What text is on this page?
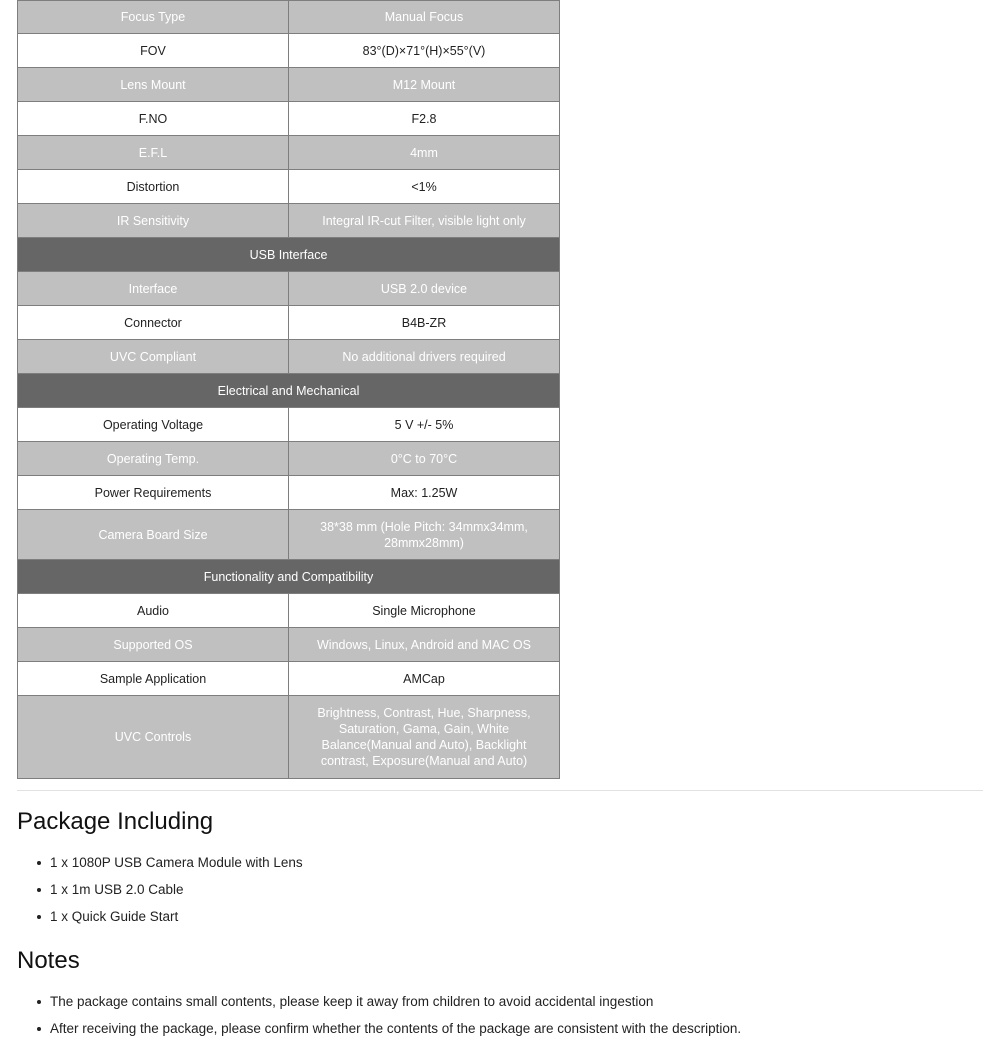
Focus Type	Manual Focus
FOV	83°(D)×71°(H)×55°(V)
Lens Mount	M12 Mount
F.NO	F2.8
E.F.L	4mm
Distortion	<1%
IR Sensitivity	Integral IR-cut Filter, visible light only
USB Interface	
Interface	USB 2.0 device
Connector	B4B-ZR
UVC Compliant	No additional drivers required
Electrical and Mechanical	
Operating Voltage	5 V +/- 5%
Operating Temp.	0°C to 70°C
Power Requirements	Max: 1.25W
Camera Board Size	38*38 mm (Hole Pitch: 34mmx34mm, 28mmx28mm)
Functionality and Compatibility	
Audio	Single Microphone
Supported OS	Windows, Linux, Android and MAC OS
Sample Application	AMCap
UVC Controls	Brightness, Contrast, Hue, Sharpness, Saturation, Gama, Gain, White Balance(Manual and Auto), Backlight contrast, Exposure(Manual and Auto)
Package Including
1 x 1080P USB Camera Module with Lens
1 x 1m USB 2.0 Cable
1 x Quick Guide Start
Notes
The package contains small contents, please keep it away from children to avoid accidental ingestion
After receiving the package, please confirm whether the contents of the package are consistent with the description.
